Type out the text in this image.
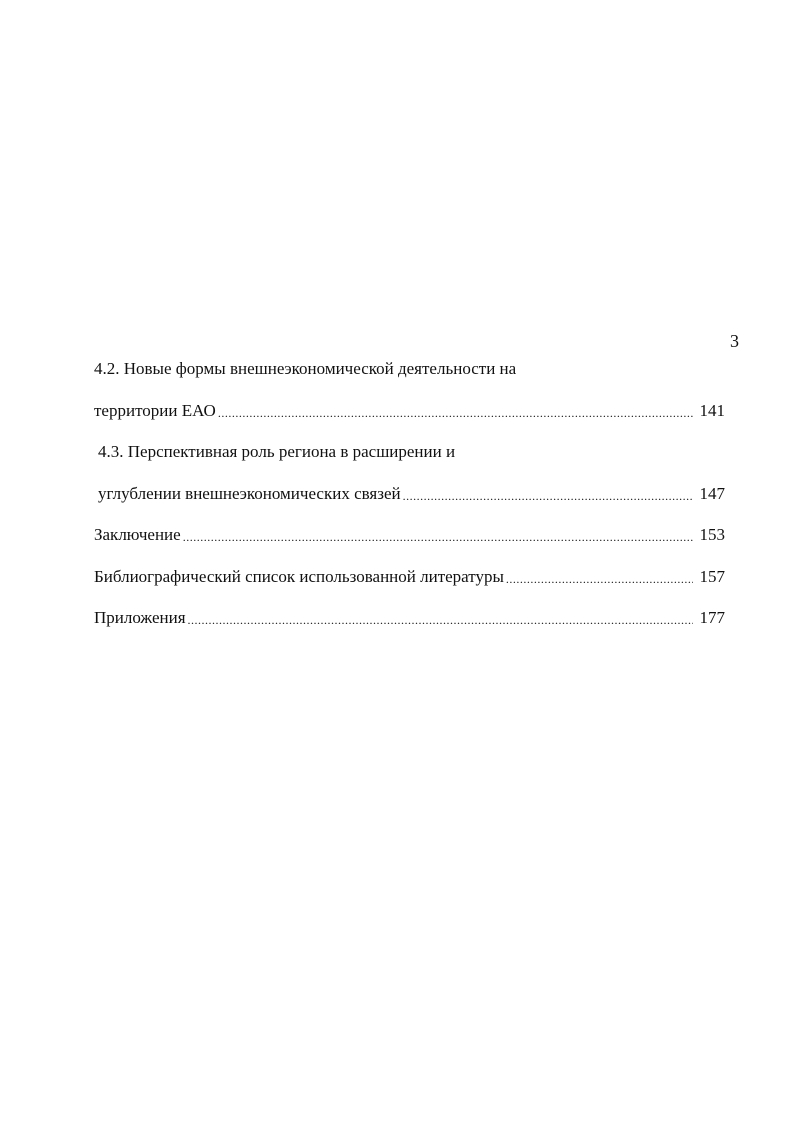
3
4.2. Новые формы внешнеэкономической деятельности на
территории ЕАО .....	141
4.3. Перспективная роль региона в расширении и
углублении внешнеэкономических связей .....	147
Заключение .....	153
Библиографический список использованной литературы .....	157
Приложения .....	177
